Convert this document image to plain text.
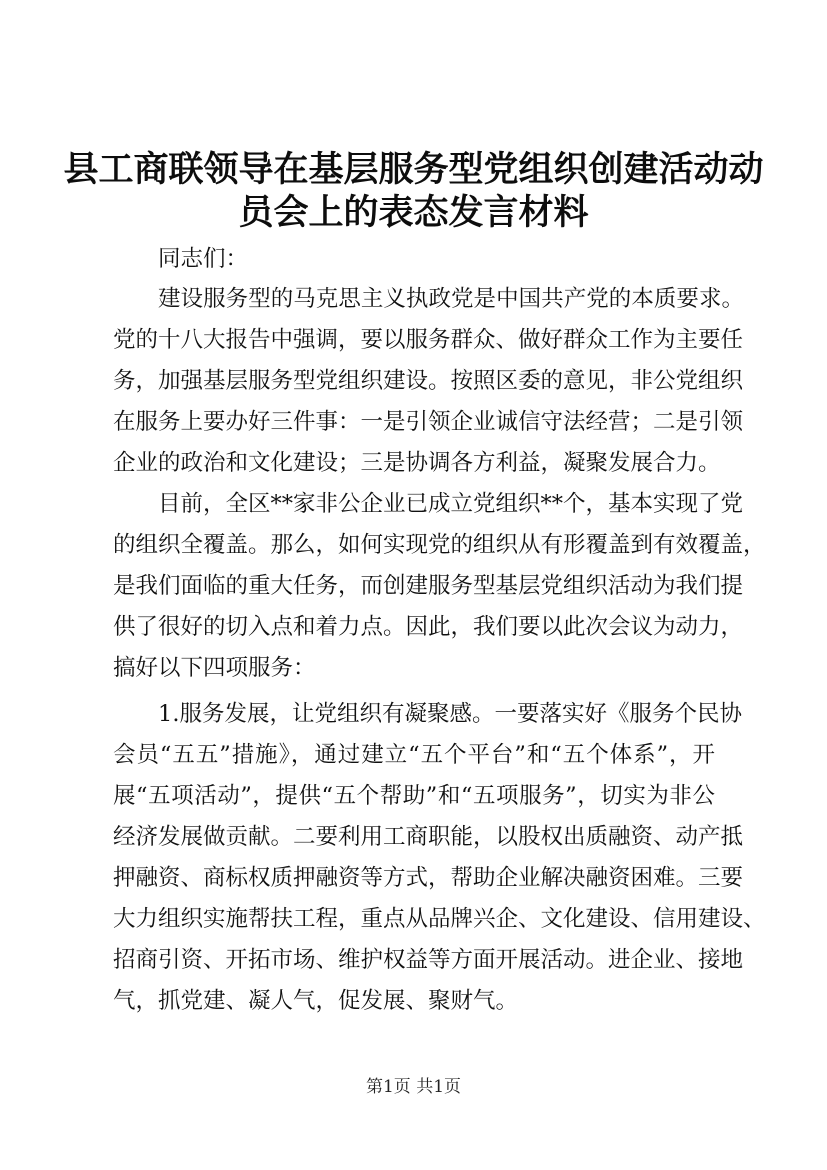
县工商联领导在基层服务型党组织创建活动动
员会上的表态发言材料
同志们：
建设服务型的马克思主义执政党是中国共产党的本质要求。
党的十八大报告中强调，要以服务群众、做好群众工作为主要任
务，加强基层服务型党组织建设。按照区委的意见，非公党组织
在服务上要办好三件事：一是引领企业诚信守法经营；二是引领
企业的政治和文化建设；三是协调各方利益，凝聚发展合力。
目前，全区**家非公企业已成立党组织**个，基本实现了党
的组织全覆盖。那么，如何实现党的组织从有形覆盖到有效覆盖，
是我们面临的重大任务，而创建服务型基层党组织活动为我们提
供了很好的切入点和着力点。因此，我们要以此次会议为动力，
搞好以下四项服务：
1.服务发展，让党组织有凝聚感。一要落实好《服务个民协
会员“五五”措施》，通过建立“五个平台”和“五个体系”，开
展“五项活动”，提供“五个帮助”和“五项服务”，切实为非公
经济发展做贡献。二要利用工商职能，以股权出质融资、动产抵
押融资、商标权质押融资等方式，帮助企业解决融资困难。三要
大力组织实施帮扶工程，重点从品牌兴企、文化建设、信用建设、
招商引资、开拓市场、维护权益等方面开展活动。进企业、接地
气，抓党建、凝人气，促发展、聚财气。
第1页 共1页
